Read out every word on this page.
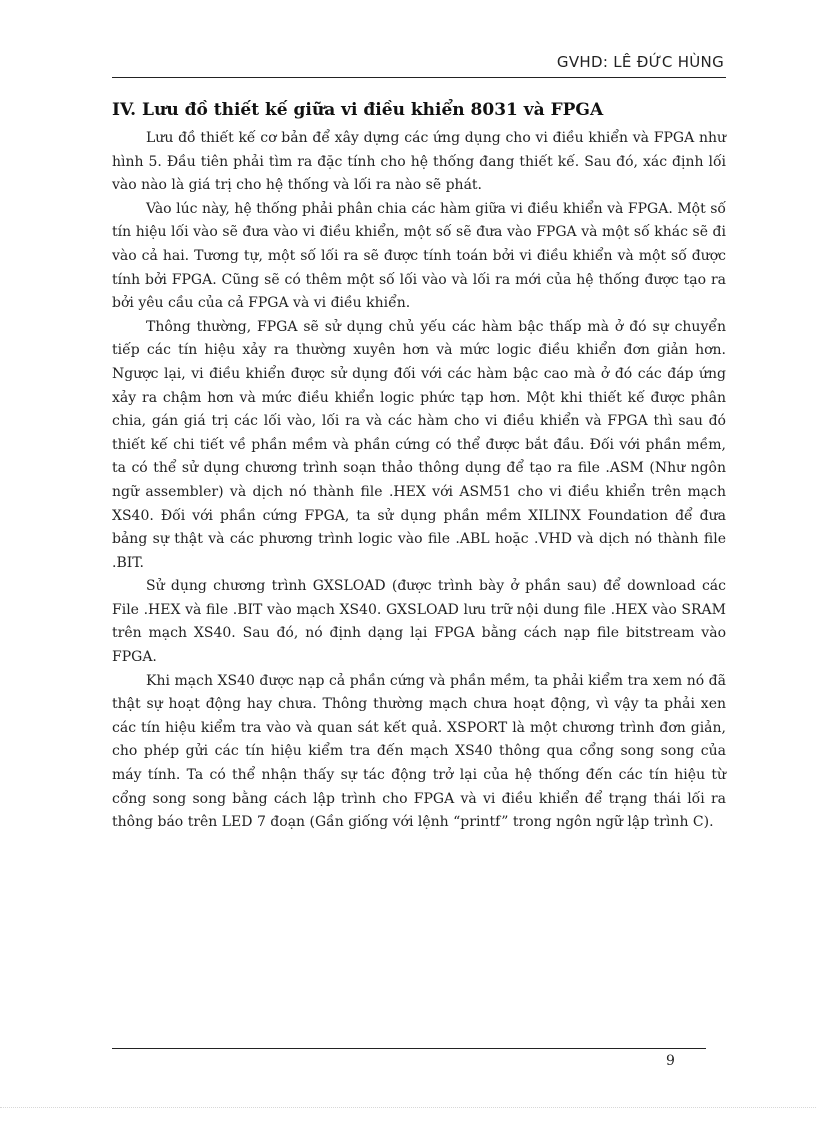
GVHD: LÊ ĐỨC HÙNG
IV. Lưu đồ thiết kế giữa vi điều khiển 8031 và FPGA

Lưu đồ thiết kế cơ bản để xây dựng các ứng dụng cho vi điều khiển và FPGA như hình 5. Đầu tiên phải tìm ra đặc tính cho hệ thống đang thiết kế. Sau đó, xác định lối vào nào là giá trị cho hệ thống và lối ra nào sẽ phát.

Vào lúc này, hệ thống phải phân chia các hàm giữa vi điều khiển và FPGA. Một số tín hiệu lối vào sẽ đưa vào vi điều khiển, một số sẽ đưa vào FPGA và một số khác sẽ đi vào cả hai. Tương tự, một số lối ra sẽ được tính toán bởi vi điều khiển và một số được tính bởi FPGA. Cũng sẽ có thêm một số lối vào và lối ra mới của hệ thống được tạo ra bởi yêu cầu của cả FPGA và vi điều khiển.

Thông thường, FPGA sẽ sử dụng chủ yếu các hàm bậc thấp mà ở đó sự chuyển tiếp các tín hiệu xảy ra thường xuyên hơn và mức logic điều khiển đơn giản hơn. Ngược lại, vi điều khiển được sử dụng đối với các hàm bậc cao mà ở đó các đáp ứng xảy ra chậm hơn và mức điều khiển logic phức tạp hơn. Một khi thiết kế được phân chia, gán giá trị các lối vào, lối ra và các hàm cho vi điều khiển và FPGA thì sau đó thiết kế chi tiết về phần mềm và phần cứng có thể được bắt đầu. Đối với phần mềm, ta có thể sử dụng chương trình soạn thảo thông dụng để tạo ra file .ASM (Như ngôn ngữ assembler) và dịch nó thành file .HEX với ASM51 cho vi điều khiển trên mạch XS40. Đối với phần cứng FPGA, ta sử dụng phần mềm XILINX Foundation để đưa bảng sự thật và các phương trình logic vào file .ABL hoặc .VHD và dịch nó thành file .BIT.

Sử dụng chương trình GXSLOAD (được trình bày ở phần sau) để download các File .HEX và file .BIT vào mạch XS40. GXSLOAD lưu trữ nội dung file .HEX vào SRAM trên mạch XS40. Sau đó, nó định dạng lại FPGA bằng cách nạp file bitstream vào FPGA.

Khi mạch XS40 được nạp cả phần cứng và phần mềm, ta phải kiểm tra xem nó đã thật sự hoạt động hay chưa. Thông thường mạch chưa hoạt động, vì vậy ta phải xen các tín hiệu kiểm tra vào và quan sát kết quả. XSPORT là một chương trình đơn giản, cho phép gửi các tín hiệu kiểm tra đến mạch XS40 thông qua cổng song song của máy tính. Ta có thể nhận thấy sự tác động trở lại của hệ thống đến các tín hiệu từ cổng song song bằng cách lập trình cho FPGA và vi điều khiển để trạng thái lối ra thông báo trên LED 7 đoạn (Gần giống với lệnh “printf” trong ngôn ngữ lập trình C).

9
